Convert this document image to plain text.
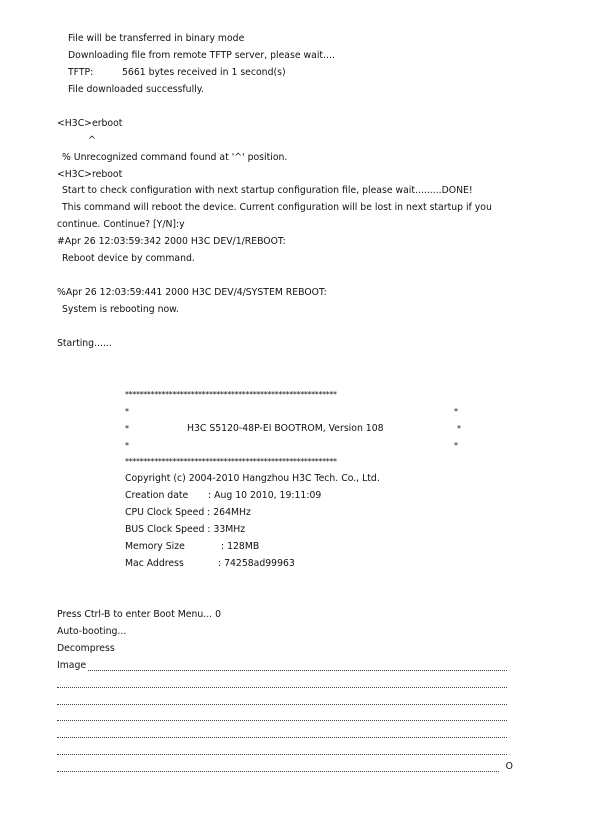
File will be transferred in binary mode
Downloading file from remote TFTP server, please wait....
TFTP:	5661 bytes received in 1 second(s)
File downloaded successfully.
<H3C>erboot
^
% Unrecognized command found at '^' position.
<H3C>reboot
Start to check configuration with next startup configuration file, please wait.........DONE!
This command will reboot the device. Current configuration will be lost in next startup if you
continue. Continue? [Y/N]:y
#Apr 26 12:03:59:342 2000 H3C DEV/1/REBOOT:
Reboot device by command.
%Apr 26 12:03:59:441 2000 H3C DEV/4/SYSTEM REBOOT:
System is rebooting now.
Starting......
**********************************************************
*	*
*	H3C S5120-48P-EI BOOTROM, Version 108	*
*	*
**********************************************************
Copyright (c) 2004-2010 Hangzhou H3C Tech. Co., Ltd.
Creation date : Aug 10 2010, 19:11:09
CPU Clock Speed : 264MHz
BUS Clock Speed : 33MHz
Memory Size	: 128MB
Mac Address	: 74258ad99963
Press Ctrl-B to enter Boot Menu... 0
Auto-booting...
Decompress
Image
O
